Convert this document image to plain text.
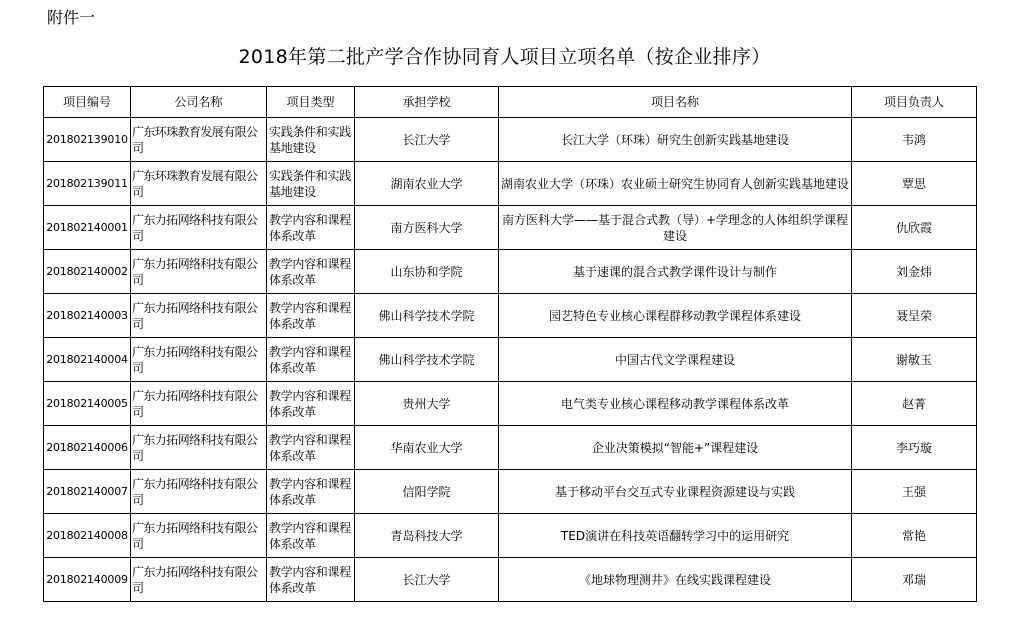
附件一
2018年第二批产学合作协同育人项目立项名单（按企业排序）
项目编号	公司名称	项目类型	承担学校	项目名称	项目负责人
201802139010	广东环珠教育发展有限公司	实践条件和实践基地建设	长江大学	长江大学（环珠）研究生创新实践基地建设	韦鸿
201802139011	广东环珠教育发展有限公司	实践条件和实践基地建设	湖南农业大学	湖南农业大学（环珠）农业硕士研究生协同育人创新实践基地建设	覃思
201802140001	广东力拓网络科技有限公司	教学内容和课程体系改革	南方医科大学	南方医科大学——基于混合式教（导）+学理念的人体组织学课程建设	仇欣霞
201802140002	广东力拓网络科技有限公司	教学内容和课程体系改革	山东协和学院	基于速课的混合式教学课件设计与制作	刘金炜
201802140003	广东力拓网络科技有限公司	教学内容和课程体系改革	佛山科学技术学院	园艺特色专业核心课程群移动教学课程体系建设	聂呈荣
201802140004	广东力拓网络科技有限公司	教学内容和课程体系改革	佛山科学技术学院	中国古代文学课程建设	谢敏玉
201802140005	广东力拓网络科技有限公司	教学内容和课程体系改革	贵州大学	电气类专业核心课程移动教学课程体系改革	赵菁
201802140006	广东力拓网络科技有限公司	教学内容和课程体系改革	华南农业大学	企业决策模拟“智能+”课程建设	李巧璇
201802140007	广东力拓网络科技有限公司	教学内容和课程体系改革	信阳学院	基于移动平台交互式专业课程资源建设与实践	王强
201802140008	广东力拓网络科技有限公司	教学内容和课程体系改革	青岛科技大学	TED演讲在科技英语翻转学习中的运用研究	常艳
201802140009	广东力拓网络科技有限公司	教学内容和课程体系改革	长江大学	《地球物理测井》在线实践课程建设	邓瑞
